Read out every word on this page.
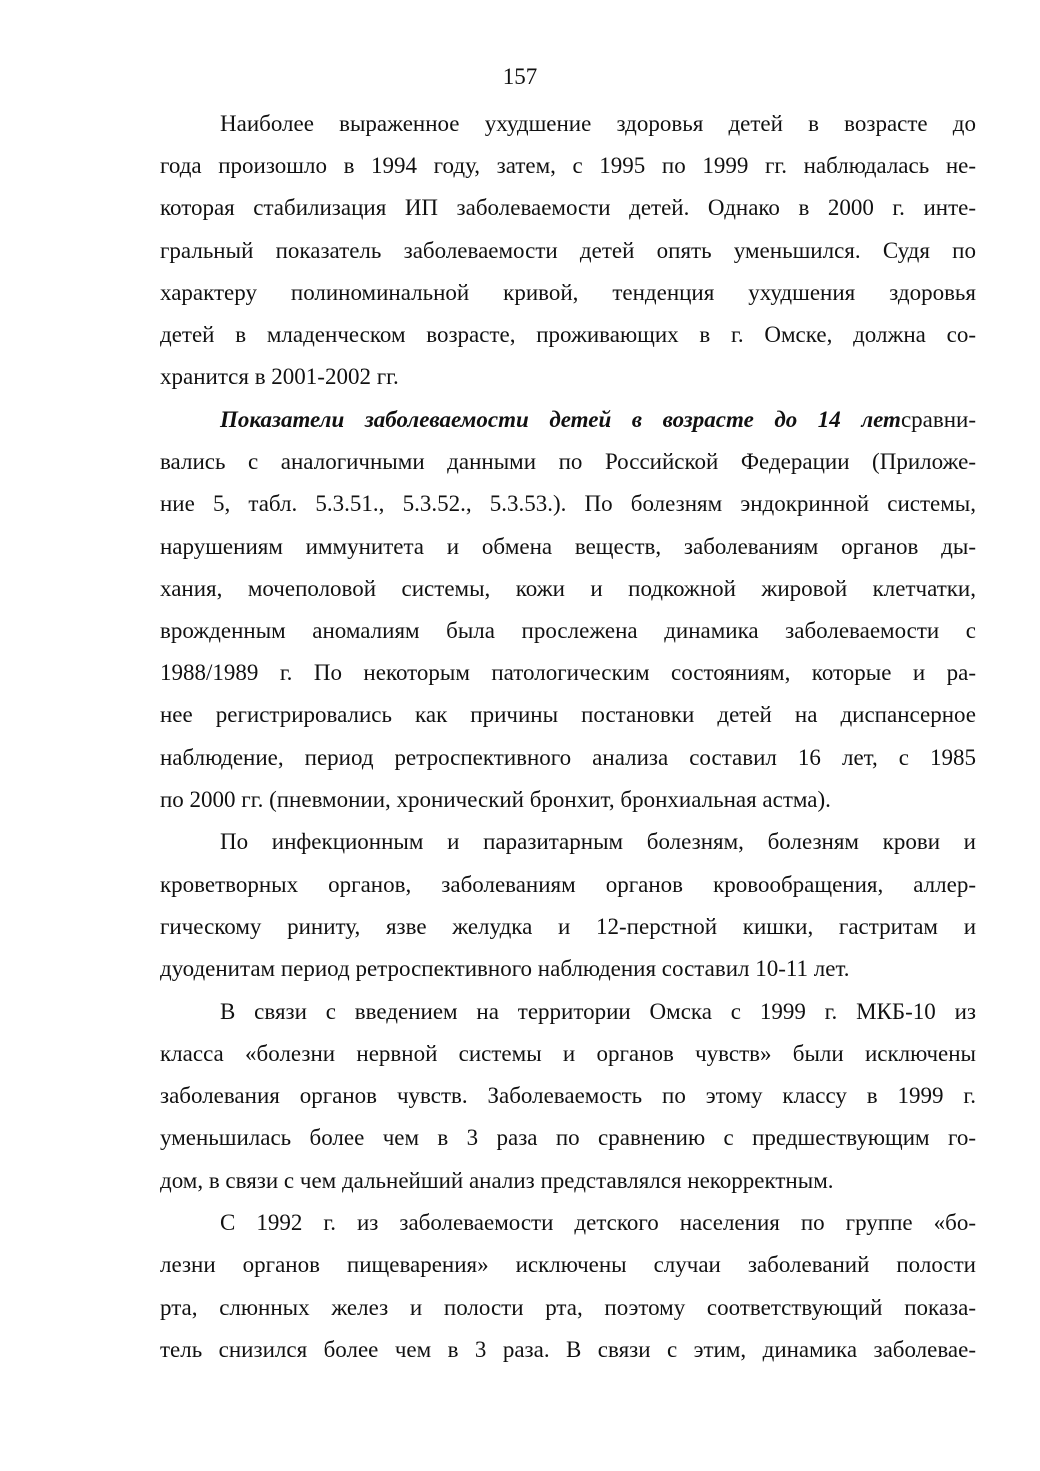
157

Наиболее выраженное ухудшение здоровья детей в возрасте до
года произошло в 1994 году, затем, с 1995 по 1999 гг. наблюдалась не-
которая стабилизация ИП заболеваемости детей. Однако в 2000 г. инте-
гральный показатель заболеваемости детей опять уменьшился. Судя по
характеру полиноминальной кривой, тенденция ухудшения здоровья
детей в младенческом возрасте, проживающих в г. Омске, должна со-
хранится в 2001-2002 гг.

Показатели заболеваемости детей в возрасте до 14 летсравни-
вались с аналогичными данными по Российской Федерации (Приложе-
ние 5, табл. 5.3.51., 5.3.52., 5.3.53.). По болезням эндокринной системы,
нарушениям иммунитета и обмена веществ, заболеваниям органов ды-
хания, мочеполовой системы, кожи и подкожной жировой клетчатки,
врожденным аномалиям была прослежена динамика заболеваемости с
1988/1989 г. По некоторым патологическим состояниям, которые и ра-
нее регистрировались как причины постановки детей на диспансерное
наблюдение, период ретроспективного анализа составил 16 лет, с 1985
по 2000 гг. (пневмонии, хронический бронхит, бронхиальная астма).

По инфекционным и паразитарным болезням, болезням крови и
кроветворных органов, заболеваниям органов кровообращения, аллер-
гическому риниту, язве желудка и 12-перстной кишки, гастритам и
дуоденитам период ретроспективного наблюдения составил 10-11 лет.

В связи с введением на территории Омска с 1999 г. МКБ-10 из
класса «болезни нервной системы и органов чувств» были исключены
заболевания органов чувств. Заболеваемость по этому классу в 1999 г.
уменьшилась более чем в 3 раза по сравнению с предшествующим го-
дом, в связи с чем дальнейший анализ представлялся некорректным.

С 1992 г. из заболеваемости детского населения по группе «бо-
лезни органов пищеварения» исключены случаи заболеваний полости
рта, слюнных желез и полости рта, поэтому соответствующий показа-
тель снизился более чем в 3 раза. В связи с этим, динамика заболевае-
